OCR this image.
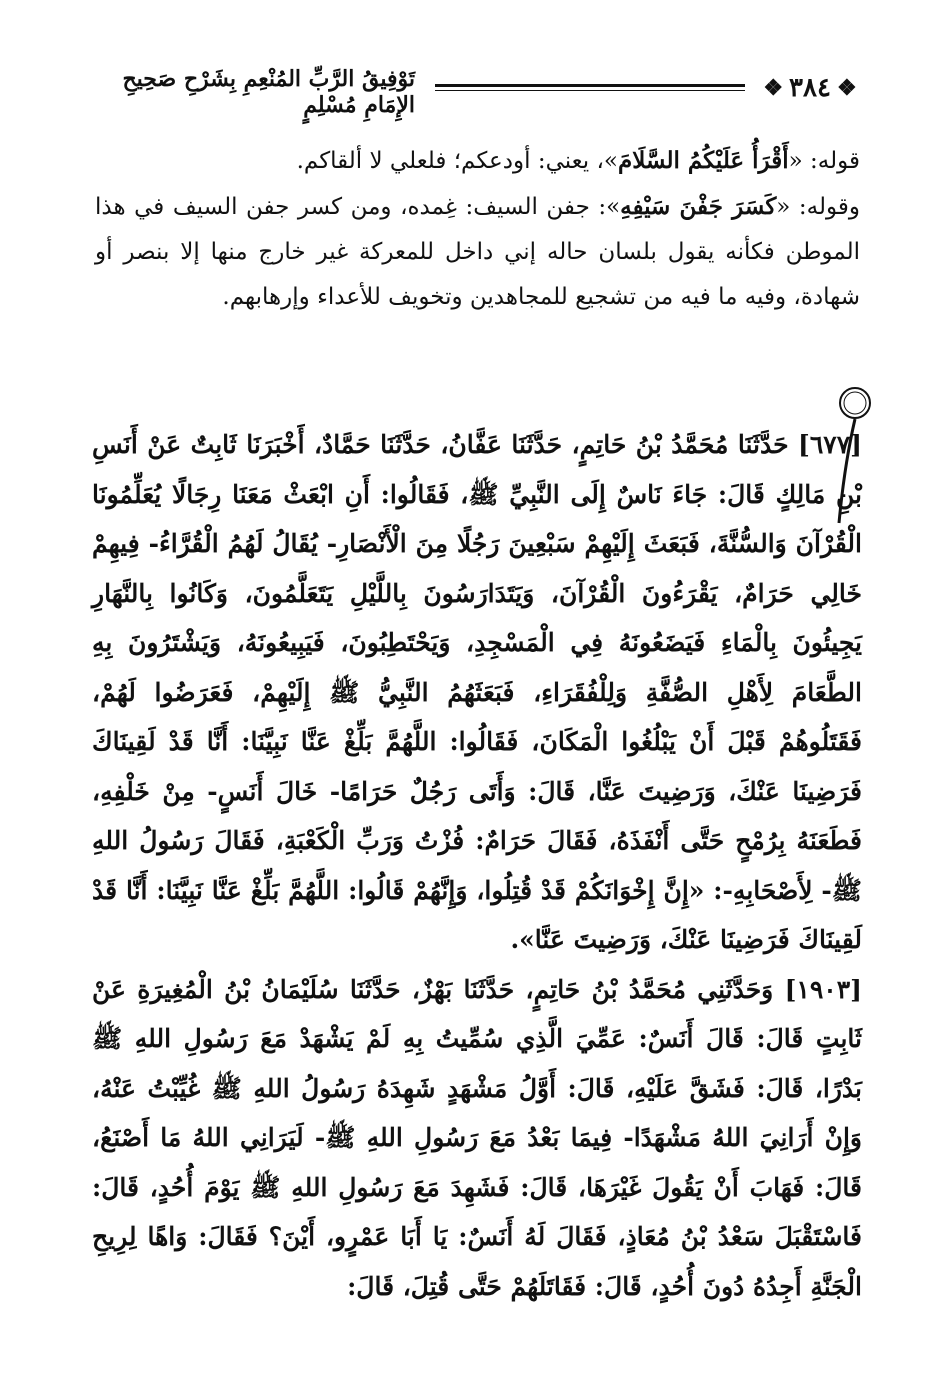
تَوْفِيقُ الرَّبِّ المُنْعِمِ بِشَرْحِ صَحِيحِ الإِمَامِ مُسْلِمٍ
❖ ٣٨٤ ❖

قوله: «أَقْرَأُ عَلَيْكُمُ السَّلَامَ»، يعني: أودعكم؛ فلعلي لا ألقاكم.

وقوله: «كَسَرَ جَفْنَ سَيْفِهِ»: جفن السيف: غِمده، ومن كسر جفن السيف في هذا الموطن فكأنه يقول بلسان حاله إني داخل للمعركة غير خارج منها إلا بنصر أو شهادة، وفيه ما فيه من تشجيع للمجاهدين وتخويف للأعداء وإرهابهم.

[٦٧٧] حَدَّثَنَا مُحَمَّدُ بْنُ حَاتِمٍ، حَدَّثَنَا عَفَّانُ، حَدَّثَنَا حَمَّادٌ، أَخْبَرَنَا ثَابِتٌ عَنْ أَنَسِ بْنِ مَالِكٍ قَالَ: جَاءَ نَاسٌ إِلَى النَّبِيِّ ﷺ، فَقَالُوا: أَنِ ابْعَثْ مَعَنَا رِجَالًا يُعَلِّمُونَا الْقُرْآنَ وَالسُّنَّةَ، فَبَعَثَ إِلَيْهِمْ سَبْعِينَ رَجُلًا مِنَ الْأَنْصَارِ- يُقَالُ لَهُمُ الْقُرَّاءُ- فِيهِمْ خَالِي حَرَامٌ، يَقْرَءُونَ الْقُرْآنَ، وَيَتَدَارَسُونَ بِاللَّيْلِ يَتَعَلَّمُونَ، وَكَانُوا بِالنَّهَارِ يَجِيئُونَ بِالْمَاءِ فَيَضَعُونَهُ فِي الْمَسْجِدِ، وَيَحْتَطِبُونَ، فَيَبِيعُونَهُ، وَيَشْتَرُونَ بِهِ الطَّعَامَ لِأَهْلِ الصُّفَّةِ وَلِلْفُقَرَاءِ، فَبَعَثَهُمُ النَّبِيُّ ﷺ إِلَيْهِمْ، فَعَرَضُوا لَهُمْ، فَقَتَلُوهُمْ قَبْلَ أَنْ يَبْلُغُوا الْمَكَانَ، فَقَالُوا: اللَّهُمَّ بَلِّغْ عَنَّا نَبِيَّنَا: أَنَّا قَدْ لَقِينَاكَ فَرَضِينَا عَنْكَ، وَرَضِيتَ عَنَّا، قَالَ: وَأَتَى رَجُلٌ حَرَامًا- خَالَ أَنَسٍ- مِنْ خَلْفِهِ، فَطَعَنَهُ بِرُمْحٍ حَتَّى أَنْفَذَهُ، فَقَالَ حَرَامٌ: فُزْتُ وَرَبِّ الْكَعْبَةِ، فَقَالَ رَسُولُ اللهِ ﷺ- لِأَصْحَابِهِ-: «إِنَّ إِخْوَانَكُمْ قَدْ قُتِلُوا، وَإِنَّهُمْ قَالُوا: اللَّهُمَّ بَلِّغْ عَنَّا نَبِيَّنَا: أَنَّا قَدْ لَقِينَاكَ فَرَضِينَا عَنْكَ، وَرَضِيتَ عَنَّا».

[١٩٠٣] وَحَدَّثَنِي مُحَمَّدُ بْنُ حَاتِمٍ، حَدَّثَنَا بَهْزٌ، حَدَّثَنَا سُلَيْمَانُ بْنُ الْمُغِيرَةِ عَنْ ثَابِتٍ قَالَ: قَالَ أَنَسٌ: عَمِّيَ الَّذِي سُمِّيتُ بِهِ لَمْ يَشْهَدْ مَعَ رَسُولِ اللهِ ﷺ بَدْرًا، قَالَ: فَشَقَّ عَلَيْهِ، قَالَ: أَوَّلُ مَشْهَدٍ شَهِدَهُ رَسُولُ اللهِ ﷺ غُيِّبْتُ عَنْهُ، وَإِنْ أَرَانِيَ اللهُ مَشْهَدًا- فِيمَا بَعْدُ مَعَ رَسُولِ اللهِ ﷺ- لَيَرَانِي اللهُ مَا أَصْنَعُ، قَالَ: فَهَابَ أَنْ يَقُولَ غَيْرَهَا، قَالَ: فَشَهِدَ مَعَ رَسُولِ اللهِ ﷺ يَوْمَ أُحُدٍ، قَالَ: فَاسْتَقْبَلَ سَعْدُ بْنُ مُعَاذٍ، فَقَالَ لَهُ أَنَسٌ: يَا أَبَا عَمْرٍو، أَيْنَ؟ فَقَالَ: وَاهًا لِرِيحِ الْجَنَّةِ أَجِدُهُ دُونَ أُحُدٍ، قَالَ: فَقَاتَلَهُمْ حَتَّى قُتِلَ، قَالَ:
